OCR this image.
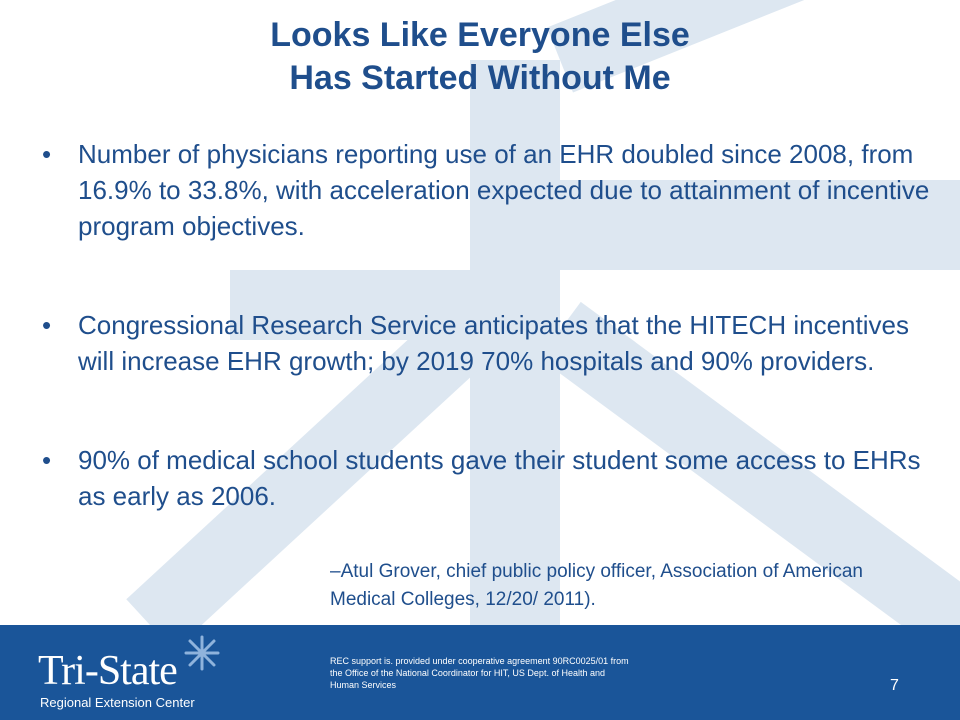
Looks Like Everyone Else
Has Started Without Me
• Number of physicians reporting use of an EHR doubled since 2008, from 16.9% to 33.8%, with acceleration expected due to attainment of incentive program objectives.
• Congressional Research Service anticipates that the HITECH incentives will increase EHR growth; by 2019 70% hospitals and 90% providers.
• 90% of medical school students gave their student some access to EHRs as early as 2006.
–Atul Grover, chief public policy officer, Association of American Medical Colleges, 12/20/ 2011).
Tri-State
Regional Extension Center
REC support is. provided under cooperative agreement 90RC0025/01 from the Office of the National Coordinator for HIT, US Dept. of Health and Human Services	7
